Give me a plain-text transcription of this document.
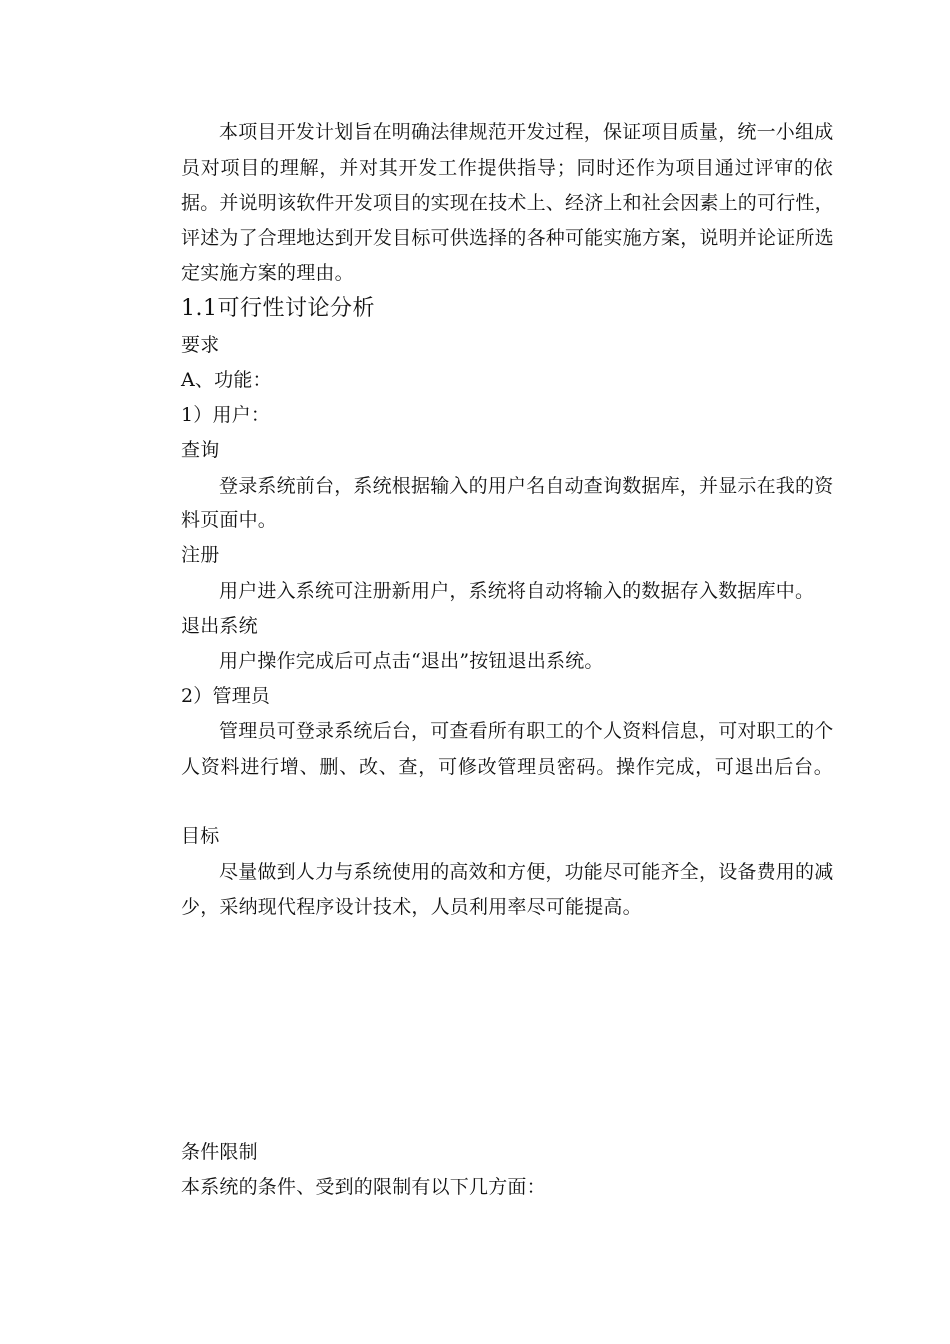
本项目开发计划旨在明确法律规范开发过程，保证项目质量，统一小组成
员对项目的理解，并对其开发工作提供指导；同时还作为项目通过评审的依
据。并说明该软件开发项目的实现在技术上、经济上和社会因素上的可行性，
评述为了合理地达到开发目标可供选择的各种可能实施方案，说明并论证所选
定实施方案的理由。
1.1可行性讨论分析
要求
A、功能：
1）用户：
查询
登录系统前台，系统根据输入的用户名自动查询数据库，并显示在我的资
料页面中。
注册
用户进入系统可注册新用户，系统将自动将输入的数据存入数据库中。
退出系统
用户操作完成后可点击“退出”按钮退出系统。
2）管理员
管理员可登录系统后台，可查看所有职工的个人资料信息，可对职工的个
人资料进行增、删、改、查，可修改管理员密码。操作完成，可退出后台。
目标
尽量做到人力与系统使用的高效和方便，功能尽可能齐全，设备费用的减
少，采纳现代程序设计技术，人员利用率尽可能提高。
条件限制
本系统的条件、受到的限制有以下几方面：
